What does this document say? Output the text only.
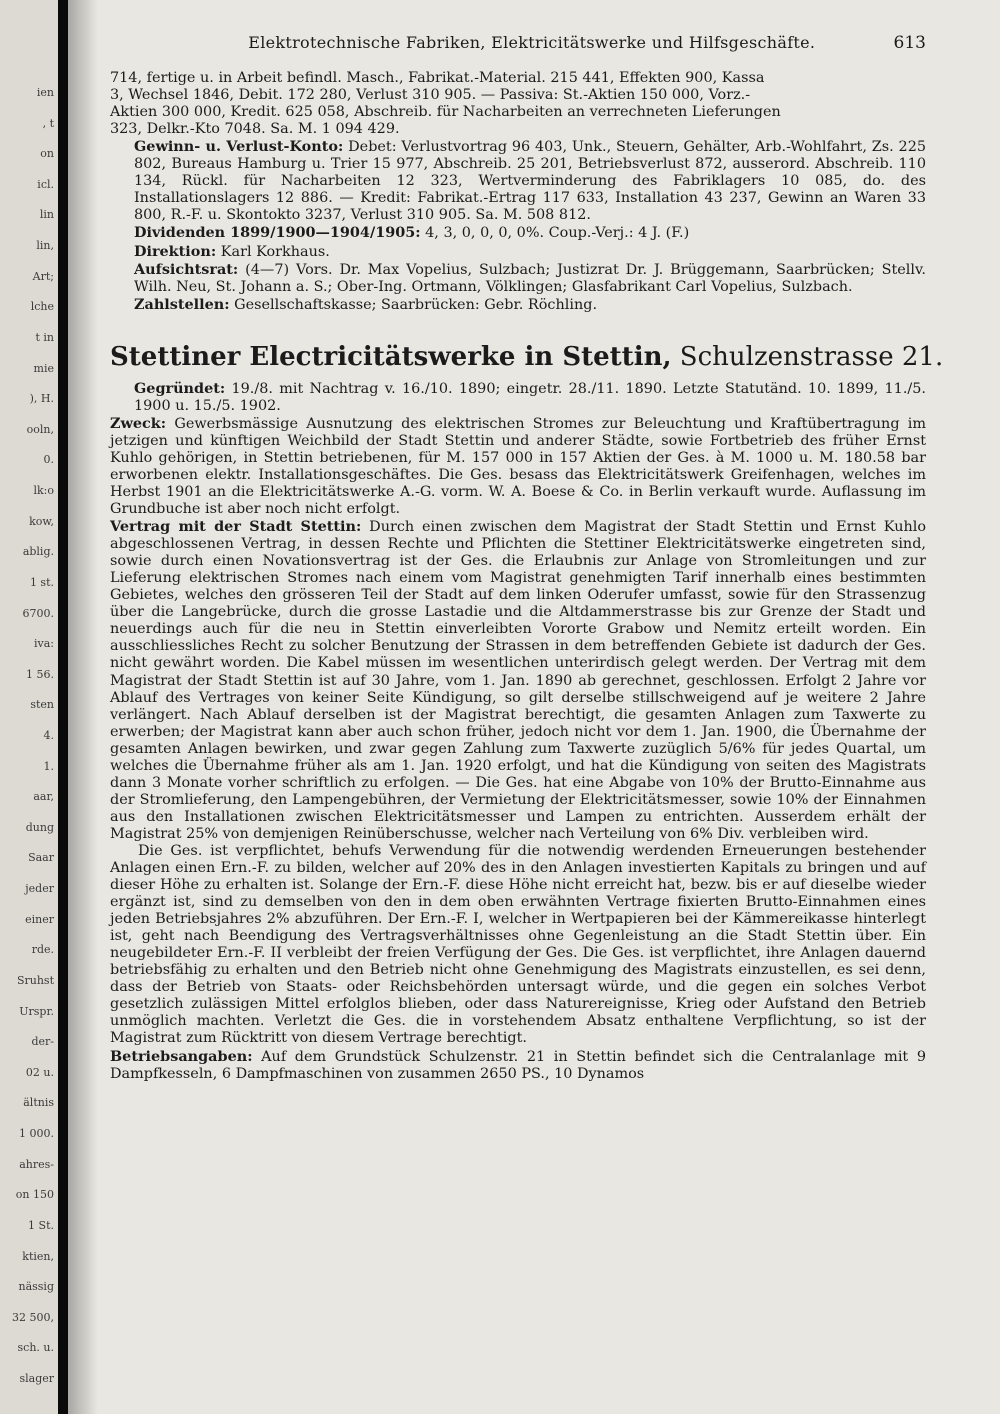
ien
, t
on
icl.
lin
lin,
Art;
lche
t in
mie
), H.
ooln,
0.
lk:o
kow,
ablig.
1 st.
6700.
iva:
1 56.
sten
4.
1.
aar,
dung
Saar
jeder
einer
rde.
Sruhst
Urspr.
der-
02 u.
ältnis
1 000.
ahres-
on 150
1 St.
ktien,
nässig
32 500,
sch. u.
slager
Elektrotechnische Fabriken, Elektricitätswerke und Hilfsgeschäfte.	613

714, fertige u. in Arbeit befindl. Masch., Fabrikat.-Material. 215 441, Effekten 900, Kassa

3, Wechsel 1846, Debit. 172 280, Verlust 310 905. — Passiva: St.-Aktien 150 000, Vorz.-

Aktien 300 000, Kredit. 625 058, Abschreib. für Nacharbeiten an verrechneten Lieferungen

323, Delkr.-Kto 7048. Sa. M. 1 094 429.

Gewinn- u. Verlust-Konto: Debet: Verlustvortrag 96 403, Unk., Steuern, Gehälter, Arb.-Wohlfahrt, Zs. 225 802, Bureaus Hamburg u. Trier 15 977, Abschreib. 25 201, Betriebsverlust 872, ausserord. Abschreib. 110 134, Rückl. für Nacharbeiten 12 323, Wertverminderung des Fabriklagers 10 085, do. des Installationslagers 12 886. — Kredit: Fabrikat.-Ertrag 117 633, Installation 43 237, Gewinn an Waren 33 800, R.-F. u. Skontokto 3237, Verlust 310 905. Sa. M. 508 812.

Dividenden 1899/1900—1904/1905: 4, 3, 0, 0, 0, 0%. Coup.-Verj.: 4 J. (F.)

Direktion: Karl Korkhaus.

Aufsichtsrat: (4—7) Vors. Dr. Max Vopelius, Sulzbach; Justizrat Dr. J. Brüggemann, Saarbrücken; Stellv. Wilh. Neu, St. Johann a. S.; Ober-Ing. Ortmann, Völklingen; Glasfabrikant Carl Vopelius, Sulzbach.

Zahlstellen: Gesellschaftskasse; Saarbrücken: Gebr. Röchling.

Stettiner Electricitätswerke in Stettin, Schulzenstrasse 21.

Gegründet: 19./8. mit Nachtrag v. 16./10. 1890; eingetr. 28./11. 1890. Letzte Statutänd. 10. 1899, 11./5. 1900 u. 15./5. 1902.

Zweck: Gewerbsmässige Ausnutzung des elektrischen Stromes zur Beleuchtung und Kraftübertragung im jetzigen und künftigen Weichbild der Stadt Stettin und anderer Städte, sowie Fortbetrieb des früher Ernst Kuhlo gehörigen, in Stettin betriebenen, für M. 157 000 in 157 Aktien der Ges. à M. 1000 u. M. 180.58 bar erworbenen elektr. Installationsgeschäftes. Die Ges. besass das Elektricitätswerk Greifenhagen, welches im Herbst 1901 an die Elektricitätswerke A.-G. vorm. W. A. Boese & Co. in Berlin verkauft wurde. Auflassung im Grundbuche ist aber noch nicht erfolgt.

Vertrag mit der Stadt Stettin: Durch einen zwischen dem Magistrat der Stadt Stettin und Ernst Kuhlo abgeschlossenen Vertrag, in dessen Rechte und Pflichten die Stettiner Elektricitätswerke eingetreten sind, sowie durch einen Novationsvertrag ist der Ges. die Erlaubnis zur Anlage von Stromleitungen und zur Lieferung elektrischen Stromes nach einem vom Magistrat genehmigten Tarif innerhalb eines bestimmten Gebietes, welches den grösseren Teil der Stadt auf dem linken Oderufer umfasst, sowie für den Strassenzug über die Langebrücke, durch die grosse Lastadie und die Altdammerstrasse bis zur Grenze der Stadt und neuerdings auch für die neu in Stettin einverleibten Vororte Grabow und Nemitz erteilt worden. Ein ausschliessliches Recht zu solcher Benutzung der Strassen in dem betreffenden Gebiete ist dadurch der Ges. nicht gewährt worden. Die Kabel müssen im wesentlichen unterirdisch gelegt werden. Der Vertrag mit dem Magistrat der Stadt Stettin ist auf 30 Jahre, vom 1. Jan. 1890 ab gerechnet, geschlossen. Erfolgt 2 Jahre vor Ablauf des Vertrages von keiner Seite Kündigung, so gilt derselbe stillschweigend auf je weitere 2 Jahre verlängert. Nach Ablauf derselben ist der Magistrat berechtigt, die gesamten Anlagen zum Taxwerte zu erwerben; der Magistrat kann aber auch schon früher, jedoch nicht vor dem 1. Jan. 1900, die Übernahme der gesamten Anlagen bewirken, und zwar gegen Zahlung zum Taxwerte zuzüglich 5/6% für jedes Quartal, um welches die Übernahme früher als am 1. Jan. 1920 erfolgt, und hat die Kündigung von seiten des Magistrats dann 3 Monate vorher schriftlich zu erfolgen. — Die Ges. hat eine Abgabe von 10% der Brutto-Einnahme aus der Stromlieferung, den Lampengebühren, der Vermietung der Elektricitätsmesser, sowie 10% der Einnahmen aus den Installationen zwischen Elektricitätsmesser und Lampen zu entrichten. Ausserdem erhält der Magistrat 25% von demjenigen Reinüberschusse, welcher nach Verteilung von 6% Div. verbleiben wird.

Die Ges. ist verpflichtet, behufs Verwendung für die notwendig werdenden Erneuerungen bestehender Anlagen einen Ern.-F. zu bilden, welcher auf 20% des in den Anlagen investierten Kapitals zu bringen und auf dieser Höhe zu erhalten ist. Solange der Ern.-F. diese Höhe nicht erreicht hat, bezw. bis er auf dieselbe wieder ergänzt ist, sind zu demselben von den in dem oben erwähnten Vertrage fixierten Brutto-Einnahmen eines jeden Betriebsjahres 2% abzuführen. Der Ern.-F. I, welcher in Wertpapieren bei der Kämmereikasse hinterlegt ist, geht nach Beendigung des Vertragsverhältnisses ohne Gegenleistung an die Stadt Stettin über. Ein neugebildeter Ern.-F. II verbleibt der freien Verfügung der Ges. Die Ges. ist verpflichtet, ihre Anlagen dauernd betriebsfähig zu erhalten und den Betrieb nicht ohne Genehmigung des Magistrats einzustellen, es sei denn, dass der Betrieb von Staats- oder Reichsbehörden untersagt würde, und die gegen ein solches Verbot gesetzlich zulässigen Mittel erfolglos blieben, oder dass Naturereignisse, Krieg oder Aufstand den Betrieb unmöglich machten. Verletzt die Ges. die in vorstehendem Absatz enthaltene Verpflichtung, so ist der Magistrat zum Rücktritt von diesem Vertrage berechtigt.

Betriebsangaben: Auf dem Grundstück Schulzenstr. 21 in Stettin befindet sich die Centralanlage mit 9 Dampfkesseln, 6 Dampfmaschinen von zusammen 2650 PS., 10 Dynamos
